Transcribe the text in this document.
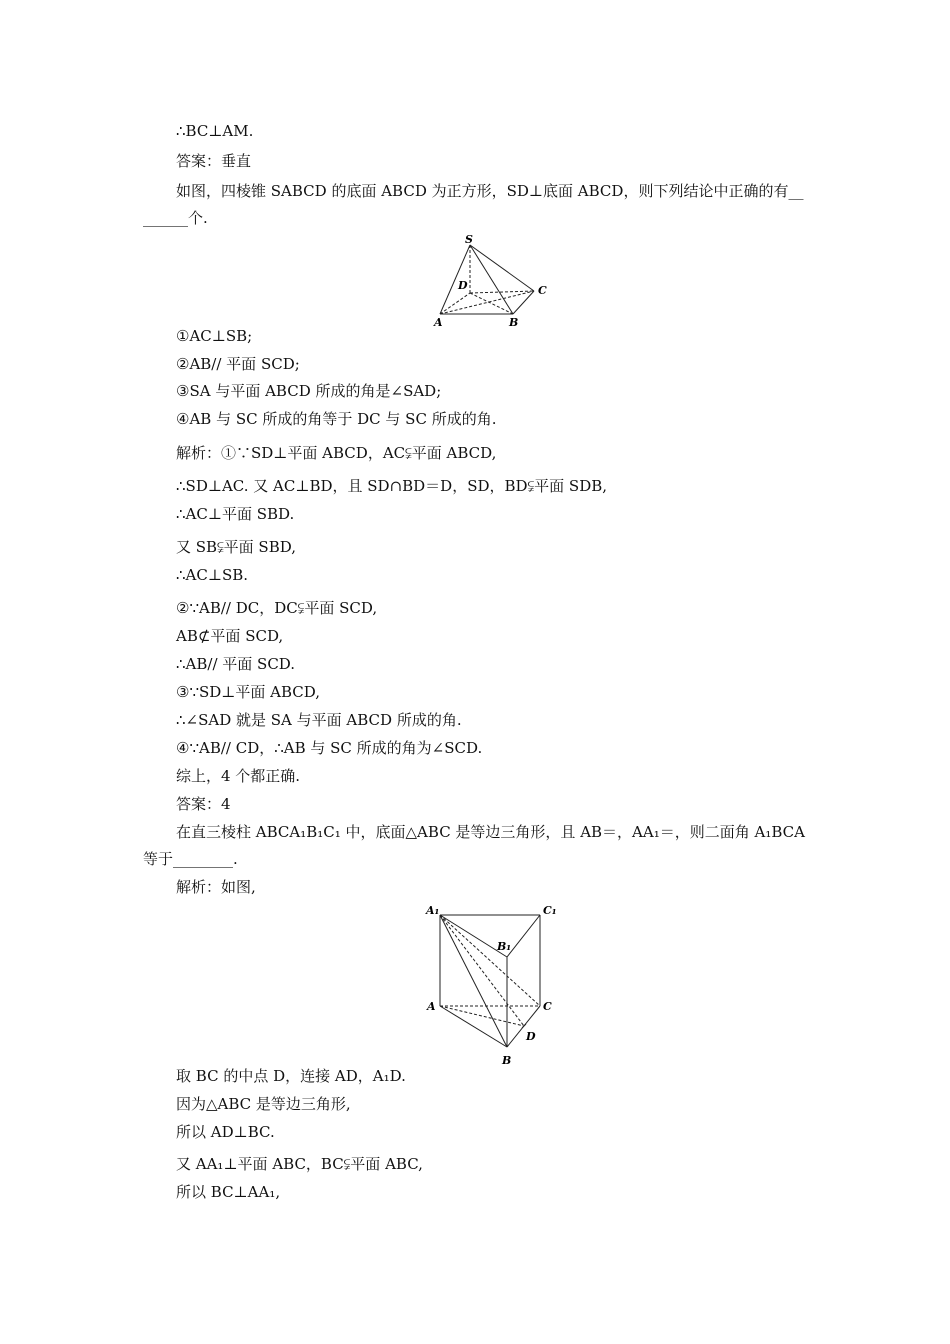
∴BC⊥AM.
答案：垂直
如图，四棱锥 SABCD 的底面 ABCD 为正方形，SD⊥底面 ABCD，则下列结论中正确的有__
______个.
S
D	C
A	B
①AC⊥SB;
②AB// 平面 SCD;
③SA 与平面 ABCD 所成的角是∠SAD;
④AB 与 SC 所成的角等于 DC 与 SC 所成的角.
解析：①∵SD⊥平面 ABCD，AC⫋平面 ABCD,
∴SD⊥AC. 又 AC⊥BD，且 SD∩BD＝D，SD，BD⫋平面 SDB,
∴AC⊥平面 SBD.
又 SB⫋平面 SBD,
∴AC⊥SB.
②∵AB// DC，DC⫋平面 SCD,
AB⊄平面 SCD,
∴AB// 平面 SCD.
③∵SD⊥平面 ABCD,
∴∠SAD 就是 SA 与平面 ABCD 所成的角.
④∵AB// CD，∴AB 与 SC 所成的角为∠SCD.
综上，4 个都正确.
答案：4
在直三棱柱 ABCA₁B₁C₁ 中，底面△ABC 是等边三角形，且 AB＝，AA₁＝，则二面角 A₁BCA
等于________.
解析：如图,
A₁	C₁
B₁
A	C
D
B
取 BC 的中点 D，连接 AD，A₁D.
因为△ABC 是等边三角形,
所以 AD⊥BC.
又 AA₁⊥平面 ABC，BC⫋平面 ABC,
所以 BC⊥AA₁,
